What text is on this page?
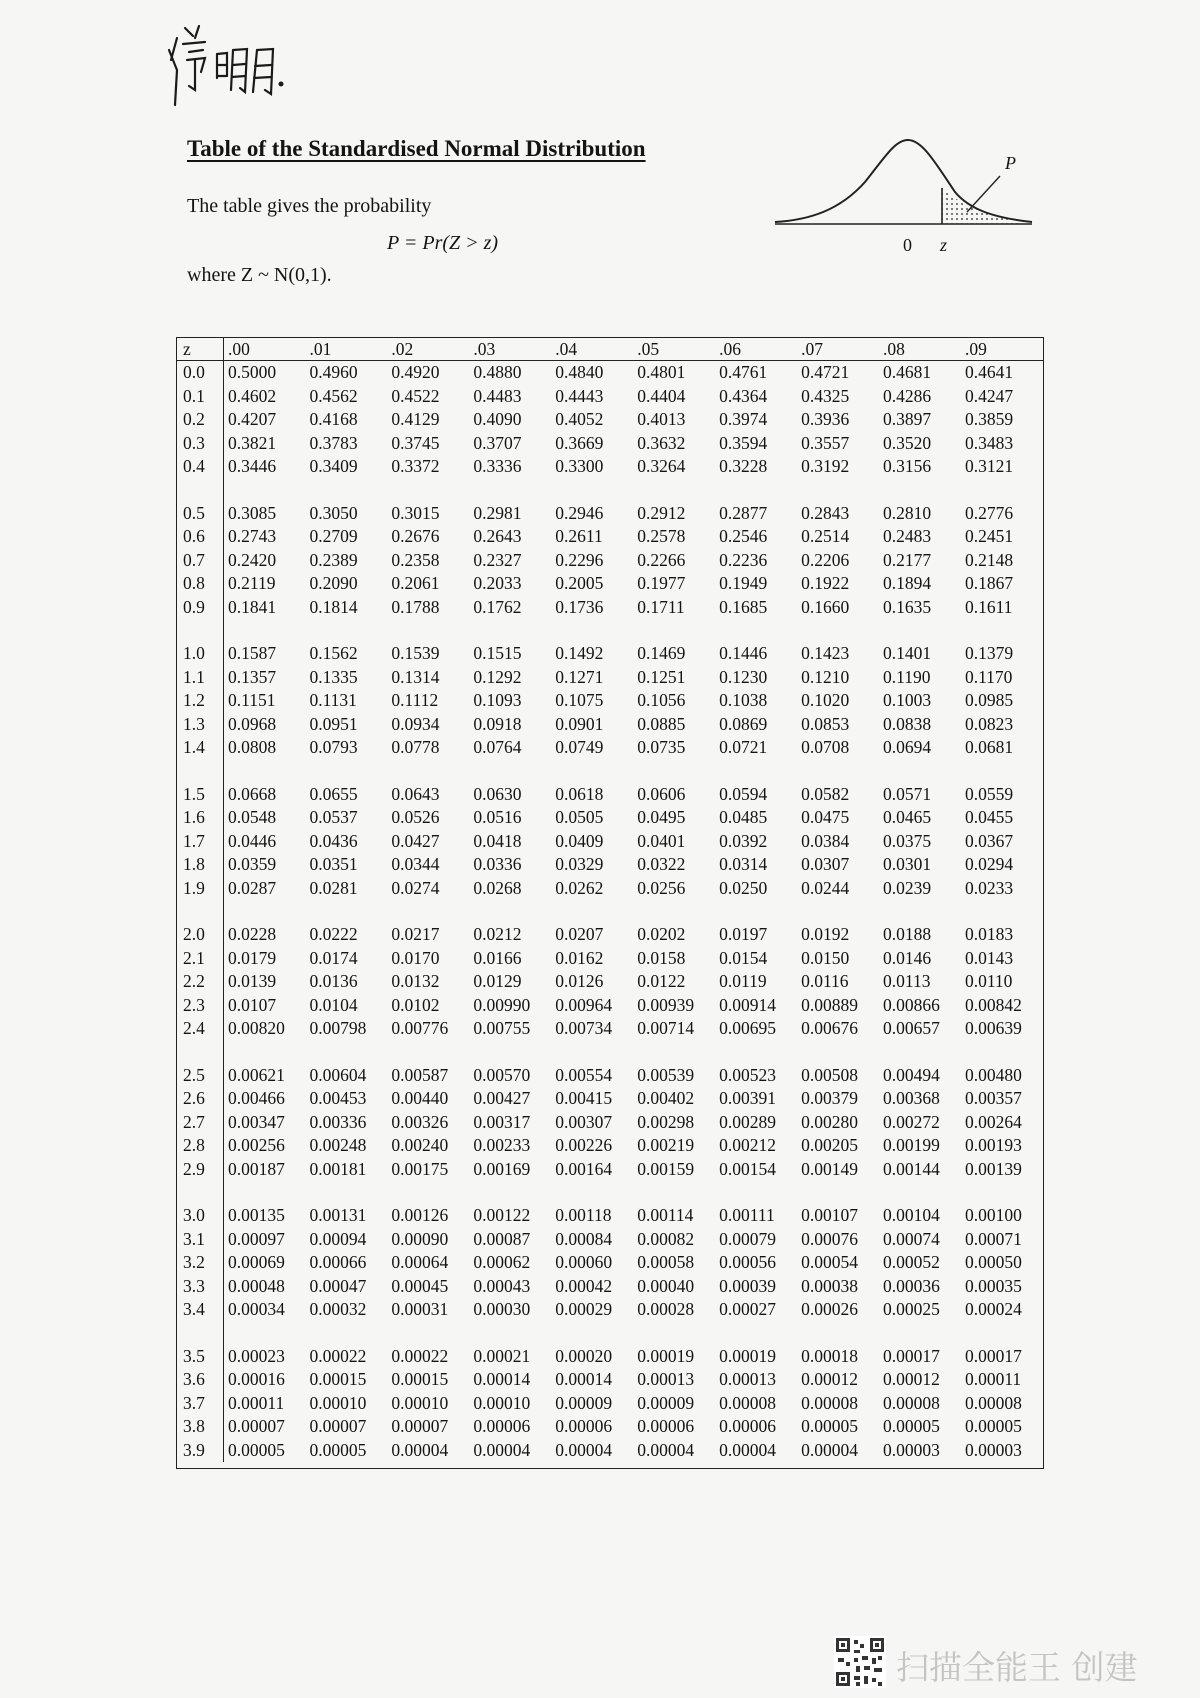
Table of the Standardised Normal Distribution
The table gives the probability
P = Pr(Z > z)
where Z ~ N(0,1).
P
0 z
z	.00	.01	.02	.03	.04	.05	.06	.07	.08	.09
0.0	0.5000	0.4960	0.4920	0.4880	0.4840	0.4801	0.4761	0.4721	0.4681	0.4641
0.1	0.4602	0.4562	0.4522	0.4483	0.4443	0.4404	0.4364	0.4325	0.4286	0.4247
0.2	0.4207	0.4168	0.4129	0.4090	0.4052	0.4013	0.3974	0.3936	0.3897	0.3859
0.3	0.3821	0.3783	0.3745	0.3707	0.3669	0.3632	0.3594	0.3557	0.3520	0.3483
0.4	0.3446	0.3409	0.3372	0.3336	0.3300	0.3264	0.3228	0.3192	0.3156	0.3121

0.5	0.3085	0.3050	0.3015	0.2981	0.2946	0.2912	0.2877	0.2843	0.2810	0.2776
0.6	0.2743	0.2709	0.2676	0.2643	0.2611	0.2578	0.2546	0.2514	0.2483	0.2451
0.7	0.2420	0.2389	0.2358	0.2327	0.2296	0.2266	0.2236	0.2206	0.2177	0.2148
0.8	0.2119	0.2090	0.2061	0.2033	0.2005	0.1977	0.1949	0.1922	0.1894	0.1867
0.9	0.1841	0.1814	0.1788	0.1762	0.1736	0.1711	0.1685	0.1660	0.1635	0.1611

1.0	0.1587	0.1562	0.1539	0.1515	0.1492	0.1469	0.1446	0.1423	0.1401	0.1379
1.1	0.1357	0.1335	0.1314	0.1292	0.1271	0.1251	0.1230	0.1210	0.1190	0.1170
1.2	0.1151	0.1131	0.1112	0.1093	0.1075	0.1056	0.1038	0.1020	0.1003	0.0985
1.3	0.0968	0.0951	0.0934	0.0918	0.0901	0.0885	0.0869	0.0853	0.0838	0.0823
1.4	0.0808	0.0793	0.0778	0.0764	0.0749	0.0735	0.0721	0.0708	0.0694	0.0681

1.5	0.0668	0.0655	0.0643	0.0630	0.0618	0.0606	0.0594	0.0582	0.0571	0.0559
1.6	0.0548	0.0537	0.0526	0.0516	0.0505	0.0495	0.0485	0.0475	0.0465	0.0455
1.7	0.0446	0.0436	0.0427	0.0418	0.0409	0.0401	0.0392	0.0384	0.0375	0.0367
1.8	0.0359	0.0351	0.0344	0.0336	0.0329	0.0322	0.0314	0.0307	0.0301	0.0294
1.9	0.0287	0.0281	0.0274	0.0268	0.0262	0.0256	0.0250	0.0244	0.0239	0.0233

2.0	0.0228	0.0222	0.0217	0.0212	0.0207	0.0202	0.0197	0.0192	0.0188	0.0183
2.1	0.0179	0.0174	0.0170	0.0166	0.0162	0.0158	0.0154	0.0150	0.0146	0.0143
2.2	0.0139	0.0136	0.0132	0.0129	0.0126	0.0122	0.0119	0.0116	0.0113	0.0110
2.3	0.0107	0.0104	0.0102	0.00990	0.00964	0.00939	0.00914	0.00889	0.00866	0.00842
2.4	0.00820	0.00798	0.00776	0.00755	0.00734	0.00714	0.00695	0.00676	0.00657	0.00639

2.5	0.00621	0.00604	0.00587	0.00570	0.00554	0.00539	0.00523	0.00508	0.00494	0.00480
2.6	0.00466	0.00453	0.00440	0.00427	0.00415	0.00402	0.00391	0.00379	0.00368	0.00357
2.7	0.00347	0.00336	0.00326	0.00317	0.00307	0.00298	0.00289	0.00280	0.00272	0.00264
2.8	0.00256	0.00248	0.00240	0.00233	0.00226	0.00219	0.00212	0.00205	0.00199	0.00193
2.9	0.00187	0.00181	0.00175	0.00169	0.00164	0.00159	0.00154	0.00149	0.00144	0.00139

3.0	0.00135	0.00131	0.00126	0.00122	0.00118	0.00114	0.00111	0.00107	0.00104	0.00100
3.1	0.00097	0.00094	0.00090	0.00087	0.00084	0.00082	0.00079	0.00076	0.00074	0.00071
3.2	0.00069	0.00066	0.00064	0.00062	0.00060	0.00058	0.00056	0.00054	0.00052	0.00050
3.3	0.00048	0.00047	0.00045	0.00043	0.00042	0.00040	0.00039	0.00038	0.00036	0.00035
3.4	0.00034	0.00032	0.00031	0.00030	0.00029	0.00028	0.00027	0.00026	0.00025	0.00024

3.5	0.00023	0.00022	0.00022	0.00021	0.00020	0.00019	0.00019	0.00018	0.00017	0.00017
3.6	0.00016	0.00015	0.00015	0.00014	0.00014	0.00013	0.00013	0.00012	0.00012	0.00011
3.7	0.00011	0.00010	0.00010	0.00010	0.00009	0.00009	0.00008	0.00008	0.00008	0.00008
3.8	0.00007	0.00007	0.00007	0.00006	0.00006	0.00006	0.00006	0.00005	0.00005	0.00005
3.9	0.00005	0.00005	0.00004	0.00004	0.00004	0.00004	0.00004	0.00004	0.00003	0.00003
扫描全能王 创建
